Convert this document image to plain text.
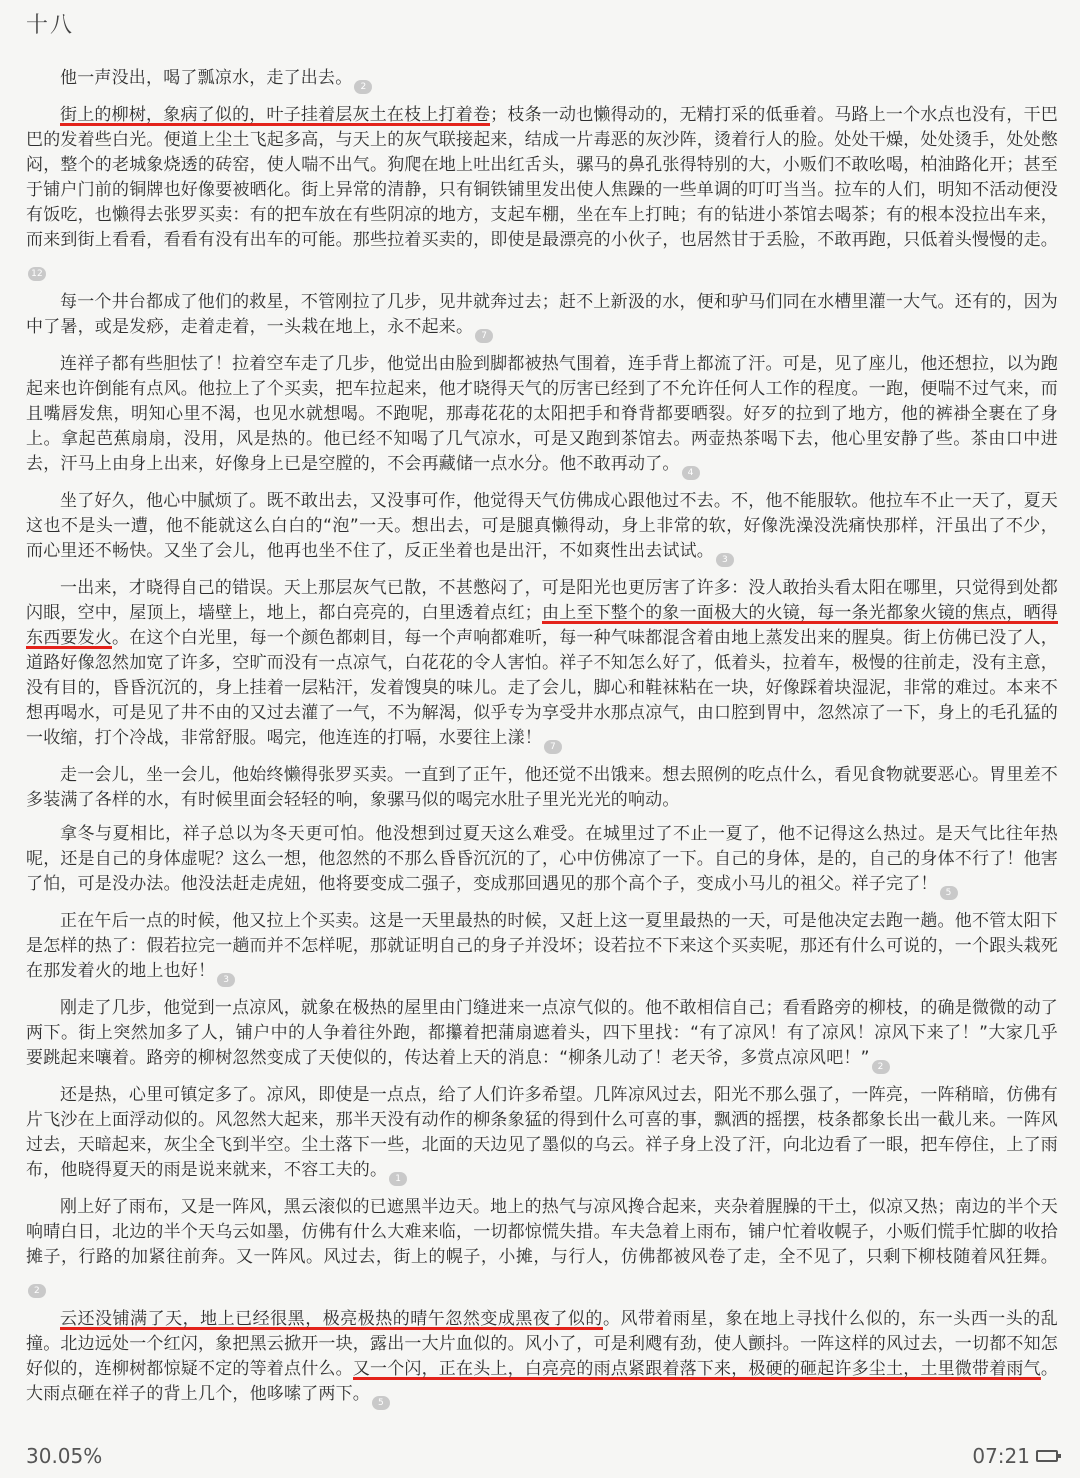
十八

他一声没出，喝了瓢凉水，走了出去。 2

街上的柳树，象病了似的，叶子挂着层灰土在枝上打着卷；枝条一动也懒得动的，无精打采的低垂着。马路上一个水点也没有，干巴巴的发着些白光。便道上尘土飞起多高，与天上的灰气联接起来，结成一片毒恶的灰沙阵，烫着行人的脸。处处干燥，处处烫手，处处憋闷，整个的老城象烧透的砖窑，使人喘不出气。狗爬在地上吐出红舌头，骡马的鼻孔张得特别的大，小贩们不敢吆喝，柏油路化开；甚至于铺户门前的铜牌也好像要被晒化。街上异常的清静，只有铜铁铺里发出使人焦躁的一些单调的叮叮当当。拉车的人们，明知不活动便没有饭吃，也懒得去张罗买卖：有的把车放在有些阴凉的地方，支起车棚，坐在车上打盹；有的钻进小茶馆去喝茶；有的根本没拉出车来，而来到街上看看，看看有没有出车的可能。那些拉着买卖的，即使是最漂亮的小伙子，也居然甘于丢脸，不敢再跑，只低着头慢慢的走。12

每一个井台都成了他们的救星，不管刚拉了几步，见井就奔过去；赶不上新汲的水，便和驴马们同在水槽里灌一大气。还有的，因为中了暑，或是发痧，走着走着，一头栽在地上，永不起来。 7

连祥子都有些胆怯了！拉着空车走了几步，他觉出由脸到脚都被热气围着，连手背上都流了汗。可是，见了座儿，他还想拉，以为跑起来也许倒能有点风。他拉上了个买卖，把车拉起来，他才晓得天气的厉害已经到了不允许任何人工作的程度。一跑，便喘不过气来，而且嘴唇发焦，明知心里不渴，也见水就想喝。不跑呢，那毒花花的太阳把手和脊背都要晒裂。好歹的拉到了地方，他的裤褂全裹在了身上。拿起芭蕉扇扇，没用，风是热的。他已经不知喝了几气凉水，可是又跑到茶馆去。两壶热茶喝下去，他心里安静了些。茶由口中进去，汗马上由身上出来，好像身上已是空膛的，不会再藏储一点水分。他不敢再动了。 4

坐了好久，他心中腻烦了。既不敢出去，又没事可作，他觉得天气仿佛成心跟他过不去。不，他不能服软。他拉车不止一天了，夏天这也不是头一遭，他不能就这么白白的“泡”一天。想出去，可是腿真懒得动，身上非常的软，好像洗澡没洗痛快那样，汗虽出了不少，而心里还不畅快。又坐了会儿，他再也坐不住了，反正坐着也是出汗，不如爽性出去试试。 3

一出来，才晓得自己的错误。天上那层灰气已散，不甚憋闷了，可是阳光也更厉害了许多：没人敢抬头看太阳在哪里，只觉得到处都闪眼，空中，屋顶上，墙壁上，地上，都白亮亮的，白里透着点红；由上至下整个的象一面极大的火镜，每一条光都象火镜的焦点，晒得东西要发火。在这个白光里，每一个颜色都刺目，每一个声响都难听，每一种气味都混含着由地上蒸发出来的腥臭。街上仿佛已没了人，道路好像忽然加宽了许多，空旷而没有一点凉气，白花花的令人害怕。祥子不知怎么好了，低着头，拉着车，极慢的往前走，没有主意，没有目的，昏昏沉沉的，身上挂着一层粘汗，发着馊臭的味儿。走了会儿，脚心和鞋袜粘在一块，好像踩着块湿泥，非常的难过。本来不想再喝水，可是见了井不由的又过去灌了一气，不为解渴，似乎专为享受井水那点凉气，由口腔到胃中，忽然凉了一下，身上的毛孔猛的一收缩，打个冷战，非常舒服。喝完，他连连的打嗝，水要往上漾！ 7

走一会儿，坐一会儿，他始终懒得张罗买卖。一直到了正午，他还觉不出饿来。想去照例的吃点什么，看见食物就要恶心。胃里差不多装满了各样的水，有时候里面会轻轻的响，象骡马似的喝完水肚子里光光光的响动。

拿冬与夏相比，祥子总以为冬天更可怕。他没想到过夏天这么难受。在城里过了不止一夏了，他不记得这么热过。是天气比往年热呢，还是自己的身体虚呢？这么一想，他忽然的不那么昏昏沉沉的了，心中仿佛凉了一下。自己的身体，是的，自己的身体不行了！他害了怕，可是没办法。他没法赶走虎妞，他将要变成二强子，变成那回遇见的那个高个子，变成小马儿的祖父。祥子完了！ 5

正在午后一点的时候，他又拉上个买卖。这是一天里最热的时候，又赶上这一夏里最热的一天，可是他决定去跑一趟。他不管太阳下是怎样的热了：假若拉完一趟而并不怎样呢，那就证明自己的身子并没坏；设若拉不下来这个买卖呢，那还有什么可说的，一个跟头栽死在那发着火的地上也好！ 3

刚走了几步，他觉到一点凉风，就象在极热的屋里由门缝进来一点凉气似的。他不敢相信自己；看看路旁的柳枝，的确是微微的动了两下。街上突然加多了人，铺户中的人争着往外跑，都攥着把蒲扇遮着头，四下里找：“有了凉风！有了凉风！凉风下来了！”大家几乎要跳起来嚷着。路旁的柳树忽然变成了天使似的，传达着上天的消息：“柳条儿动了！老天爷，多赏点凉风吧！” 2

还是热，心里可镇定多了。凉风，即使是一点点，给了人们许多希望。几阵凉风过去，阳光不那么强了，一阵亮，一阵稍暗，仿佛有片飞沙在上面浮动似的。风忽然大起来，那半天没有动作的柳条象猛的得到什么可喜的事，飘洒的摇摆，枝条都象长出一截儿来。一阵风过去，天暗起来，灰尘全飞到半空。尘土落下一些，北面的天边见了墨似的乌云。祥子身上没了汗，向北边看了一眼，把车停住，上了雨布，他晓得夏天的雨是说来就来，不容工夫的。 1

刚上好了雨布，又是一阵风，黑云滚似的已遮黑半边天。地上的热气与凉风搀合起来，夹杂着腥臊的干土，似凉又热；南边的半个天响晴白日，北边的半个天乌云如墨，仿佛有什么大难来临，一切都惊慌失措。车夫急着上雨布，铺户忙着收幌子，小贩们慌手忙脚的收拾摊子，行路的加紧往前奔。又一阵风。风过去，街上的幌子，小摊，与行人，仿佛都被风卷了走，全不见了，只剩下柳枝随着风狂舞。2

云还没铺满了天，地上已经很黑，极亮极热的晴午忽然变成黑夜了似的。风带着雨星，象在地上寻找什么似的，东一头西一头的乱撞。北边远处一个红闪，象把黑云掀开一块，露出一大片血似的。风小了，可是利飕有劲，使人颤抖。一阵这样的风过去，一切都不知怎好似的，连柳树都惊疑不定的等着点什么。又一个闪，正在头上，白亮亮的雨点紧跟着落下来，极硬的砸起许多尘土，土里微带着雨气。大雨点砸在祥子的背上几个，他哆嗦了两下。 5

30.05%	07:21
